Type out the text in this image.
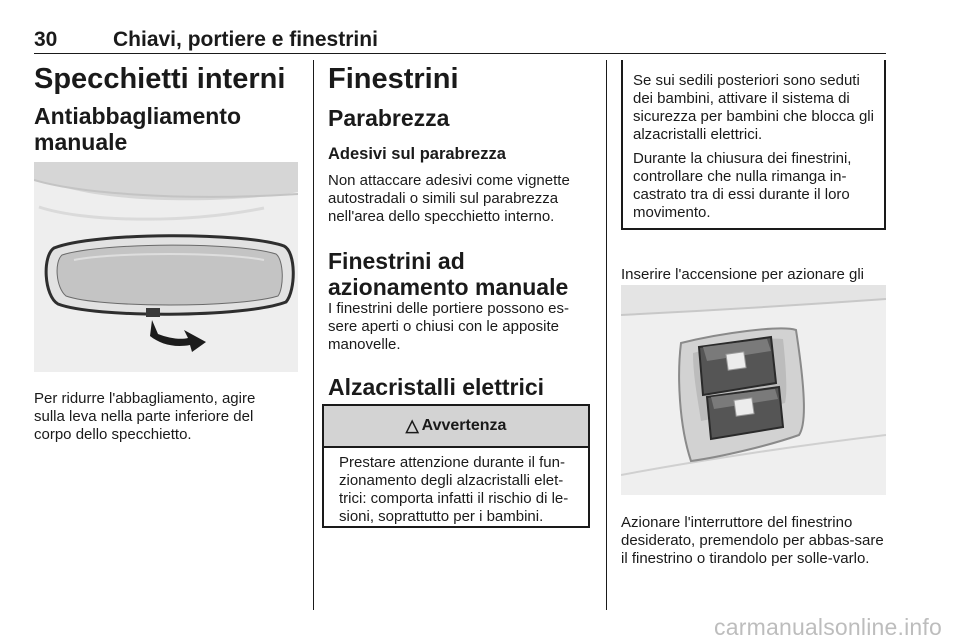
30	Chiavi, portiere e finestrini
Specchietti interni
Antiabbagliamento manuale

Per ridurre l'abbagliamento, agire sulla leva nella parte inferiore del corpo dello specchietto.

Finestrini
Parabrezza
Adesivi sul parabrezza

Non attaccare adesivi come vignette autostradali o simili sul parabrezza nell'area dello specchietto interno.

Finestrini ad azionamento manuale

I finestrini delle portiere possono es-sere aperti o chiusi con le apposite manovelle.

Alzacristalli elettrici
△ Avvertenza
Prestare attenzione durante il fun-zionamento degli alzacristalli elet-trici: comporta infatti il rischio di le-sioni, soprattutto per i bambini.

Se sui sedili posteriori sono seduti dei bambini, attivare il sistema di sicurezza per bambini che blocca gli alzacristalli elettrici.

Durante la chiusura dei finestrini, controllare che nulla rimanga in-castrato tra di essi durante il loro movimento.

Inserire l'accensione per azionare gli

Azionare l'interruttore del finestrino desiderato, premendolo per abbas-sare il finestrino o tirandolo per solle-varlo.

carmanualsonline.info
